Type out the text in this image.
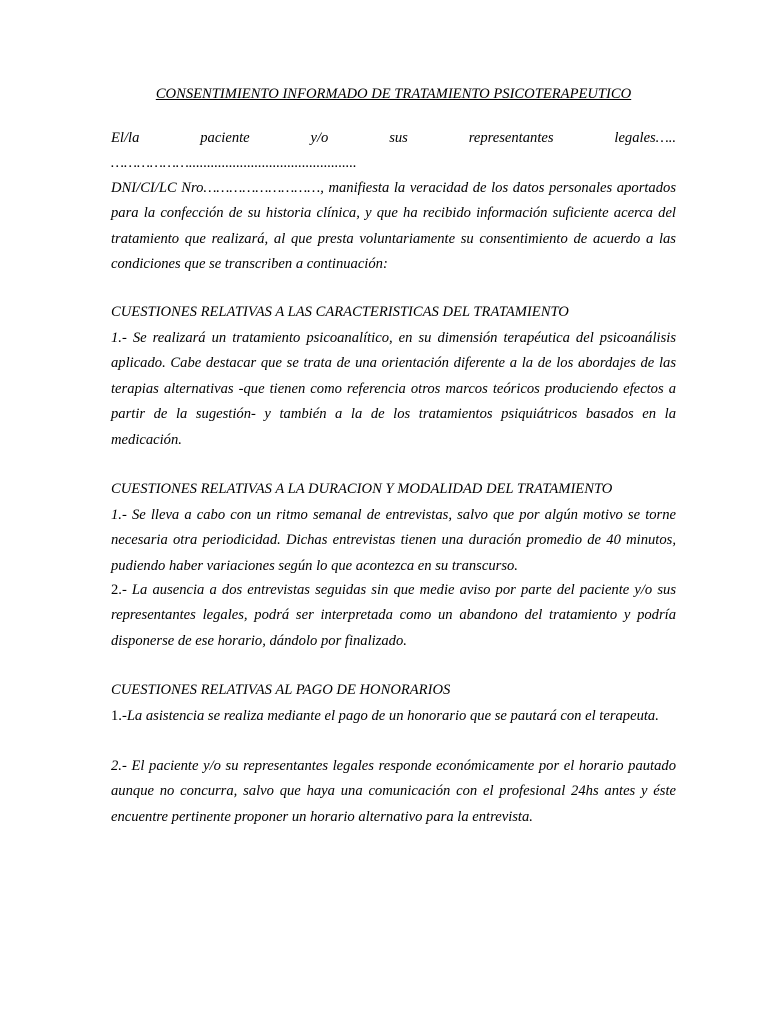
CONSENTIMIENTO INFORMADO DE TRATAMIENTO PSICOTERAPEUTICO

El/la paciente y/o sus representantes legales…..

………………..............................................

DNI/CI/LC Nro………………………, manifiesta la veracidad de los datos personales aportados para la confección de su historia clínica, y que ha recibido información suficiente acerca del tratamiento que realizará, al que presta voluntariamente su consentimiento de acuerdo a las condiciones que se transcriben a continuación:

CUESTIONES RELATIVAS A LAS CARACTERISTICAS DEL TRATAMIENTO

1.- Se realizará un tratamiento psicoanalítico, en su dimensión terapéutica del psicoanálisis aplicado. Cabe destacar que se trata de una orientación diferente a la de los abordajes de las terapias alternativas -que tienen como referencia otros marcos teóricos produciendo efectos a partir de la sugestión- y también a la de los tratamientos psiquiátricos basados en la medicación.

CUESTIONES RELATIVAS A LA DURACION Y MODALIDAD DEL TRATAMIENTO

1.- Se lleva a cabo con un ritmo semanal de entrevistas, salvo que por algún motivo se torne necesaria otra periodicidad. Dichas entrevistas tienen una duración promedio de 40 minutos, pudiendo haber variaciones según lo que acontezca en su transcurso.

2.- La ausencia a dos entrevistas seguidas sin que medie aviso por parte del paciente y/o sus representantes legales, podrá ser interpretada como un abandono del tratamiento y podría disponerse de ese horario, dándolo por finalizado.

CUESTIONES RELATIVAS AL PAGO DE HONORARIOS

1.-La asistencia se realiza mediante el pago de un honorario que se pautará con el terapeuta.

2.- El paciente y/o su representantes legales responde económicamente por el horario pautado aunque no concurra, salvo que haya una comunicación con el profesional 24hs antes y éste encuentre pertinente proponer un horario alternativo para la entrevista.
